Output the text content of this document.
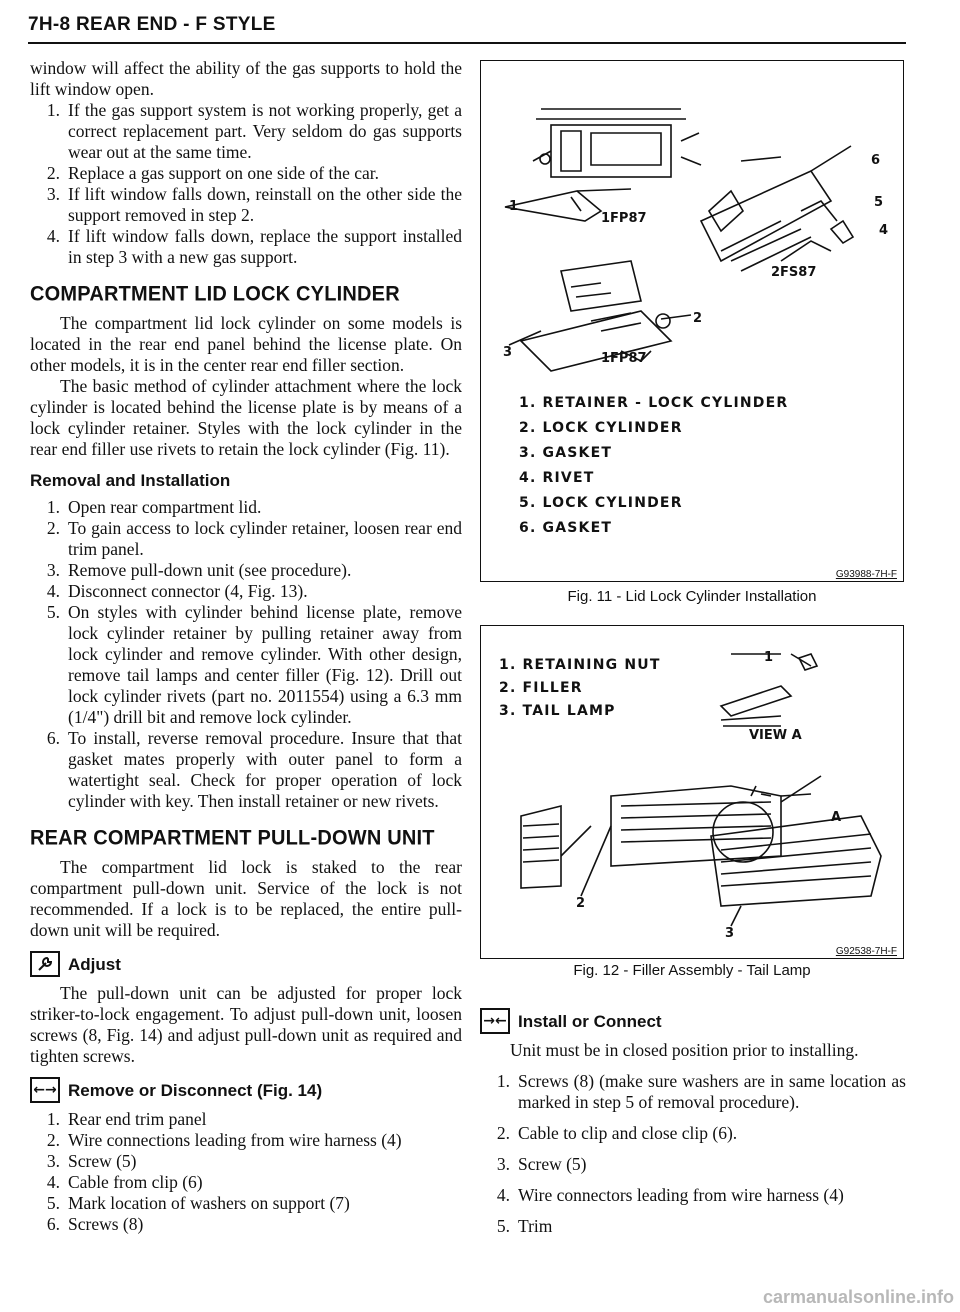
7H-8 REAR END - F STYLE

window will affect the ability of the gas supports to hold the lift window open.

1. If the gas support system is not working properly, get a correct replacement part. Very seldom do gas supports wear out at the same time.
2. Replace a gas support on one side of the car.
3. If lift window falls down, reinstall on the other side the support removed in step 2.
4. If lift window falls down, replace the support installed in step 3 with a new gas support.
COMPARTMENT LID LOCK CYLINDER

The compartment lid lock cylinder on some models is located in the rear end panel behind the license plate. On other models, it is in the center rear end filler section.

The basic method of cylinder attachment where the lock cylinder is located behind the license plate is by means of a lock cylinder retainer. Styles with the lock cylinder in the rear end filler use rivets to retain the lock cylinder (Fig. 11).

Removal and Installation
1. Open rear compartment lid.
2. To gain access to lock cylinder retainer, loosen rear end trim panel.
3. Remove pull-down unit (see procedure).
4. Disconnect connector (4, Fig. 13).
5. On styles with cylinder behind license plate, remove lock cylinder retainer by pulling retainer away from lock cylinder and remove cylinder. With other design, remove tail lamps and center filler (Fig. 12). Drill out lock cylinder rivets (part no. 2011554) using a 6.3 mm (1/4") drill bit and remove lock cylinder.
6. To install, reverse removal procedure. Insure that that gasket mates properly with outer panel to form a watertight seal. Check for proper operation of lock cylinder with key. Then install retainer or new rivets.
REAR COMPARTMENT PULL-DOWN UNIT

The compartment lid lock is staked to the rear compartment pull-down unit. Service of the lock is not recommended. If a lock is to be replaced, the entire pull-down unit will be required.

Adjust

The pull-down unit can be adjusted for proper lock striker-to-lock engagement. To adjust pull-down unit, loosen screws (8, Fig. 14) and adjust pull-down unit as required and tighten screws.

←→ Remove or Disconnect (Fig. 14)
1. Rear end trim panel
2. Wire connections leading from wire harness (4)
3. Screw (5)
4. Cable from clip (6)
5. Mark location of washers on support (7)
6. Screws (8)
1
1FP87
6
5
4
2FS87
2
3	1FP87
1. RETAINER - LOCK CYLINDER
2. LOCK CYLINDER
3. GASKET
4. RIVET
5. LOCK CYLINDER
6. GASKET
G93988-7H-F
Fig. 11 - Lid Lock Cylinder Installation
1. RETAINING NUT
2. FILLER
3. TAIL LAMP
1
VIEW A
A
2
3
G92538-7H-F
Fig. 12 - Filler Assembly - Tail Lamp
→← Install or Connect

Unit must be in closed position prior to installing.

1. Screws (8) (make sure washers are in same location as marked in step 5 of removal procedure).
2. Cable to clip and close clip (6).
3. Screw (5)
4. Wire connectors leading from wire harness (4)
5. Trim
carmanualsonline.info
